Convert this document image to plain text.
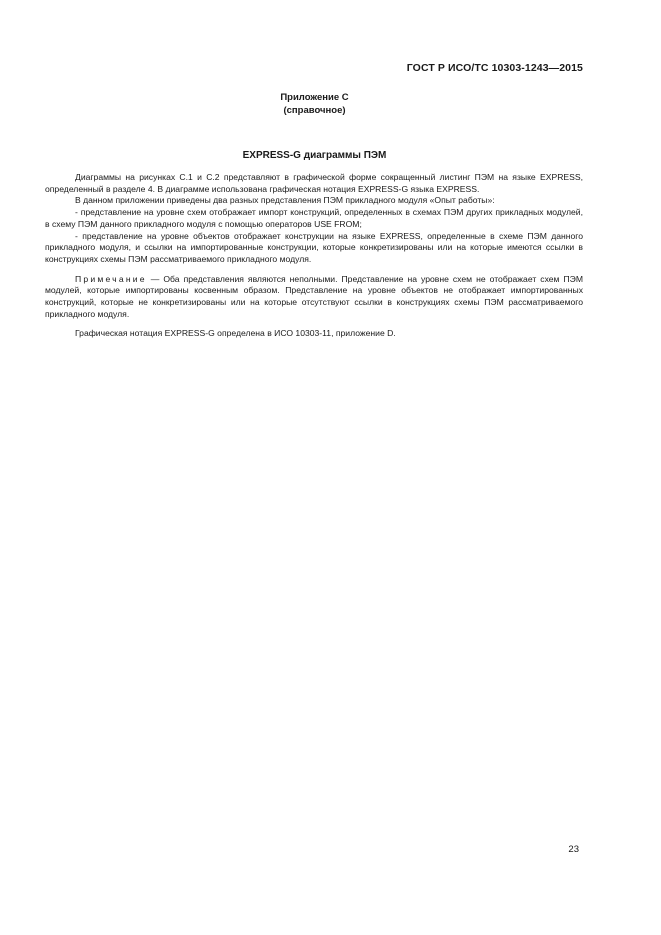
ГОСТ Р ИСО/ТС 10303-1243—2015
Приложение С
(справочное)
EXPRESS-G диаграммы ПЭМ

Диаграммы на рисунках С.1 и С.2 представляют в графической форме сокращенный листинг ПЭМ на языке EXPRESS, определенный в разделе 4. В диаграмме использована графическая нотация EXPRESS-G языка EXPRESS.

В данном приложении приведены два разных представления ПЭМ прикладного модуля «Опыт работы»:

- представление на уровне схем отображает импорт конструкций, определенных в схемах ПЭМ других прикладных модулей, в схему ПЭМ данного прикладного модуля с помощью операторов USE FROM;

- представление на уровне объектов отображает конструкции на языке EXPRESS, определенные в схеме ПЭМ данного прикладного модуля, и ссылки на импортированные конструкции, которые конкретизированы или на которые имеются ссылки в конструкциях схемы ПЭМ рассматриваемого прикладного модуля.

Примечание — Оба представления являются неполными. Представление на уровне схем не отображает схем ПЭМ модулей, которые импортированы косвенным образом. Представление на уровне объектов не отображает импортированных конструкций, которые не конкретизированы или на которые отсутствуют ссылки в конструкциях схемы ПЭМ рассматриваемого прикладного модуля.

Графическая нотация EXPRESS-G определена в ИСО 10303-11, приложение D.

23
